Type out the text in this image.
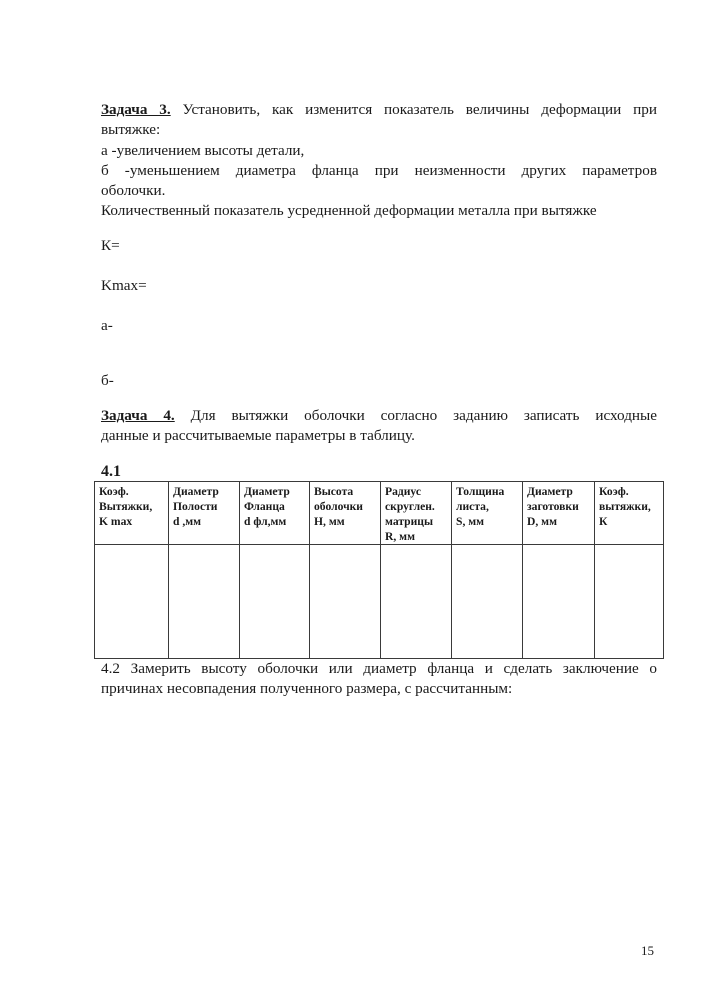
Задача 3. Установить, как изменится показатель величины деформации при
вытяжке:
а -увеличением высоты детали,
б -уменьшением диаметра фланца при неизменности других параметров
оболочки.
Количественный показатель усредненной деформации металла при вытяжке
К=
Kmax=
а-
б-
Задача 4. Для вытяжки оболочки согласно заданию записать исходные
данные и рассчитываемые параметры в таблицу.
4.1
Коэф.
Вытяжки,
K max	Диаметр
Полости
d ,мм	Диаметр
Фланца
d фл,мм	Высота
оболочки
H, мм	Радиус
скруглен.
матрицы
R, мм	Толщина
листа,
S, мм	Диаметр
заготовки
D, мм	Коэф.
вытяжки,
К

4.2 Замерить высоту оболочки или диаметр фланца и сделать заключение о
причинах несовпадения полученного размера, с рассчитанным:
15
